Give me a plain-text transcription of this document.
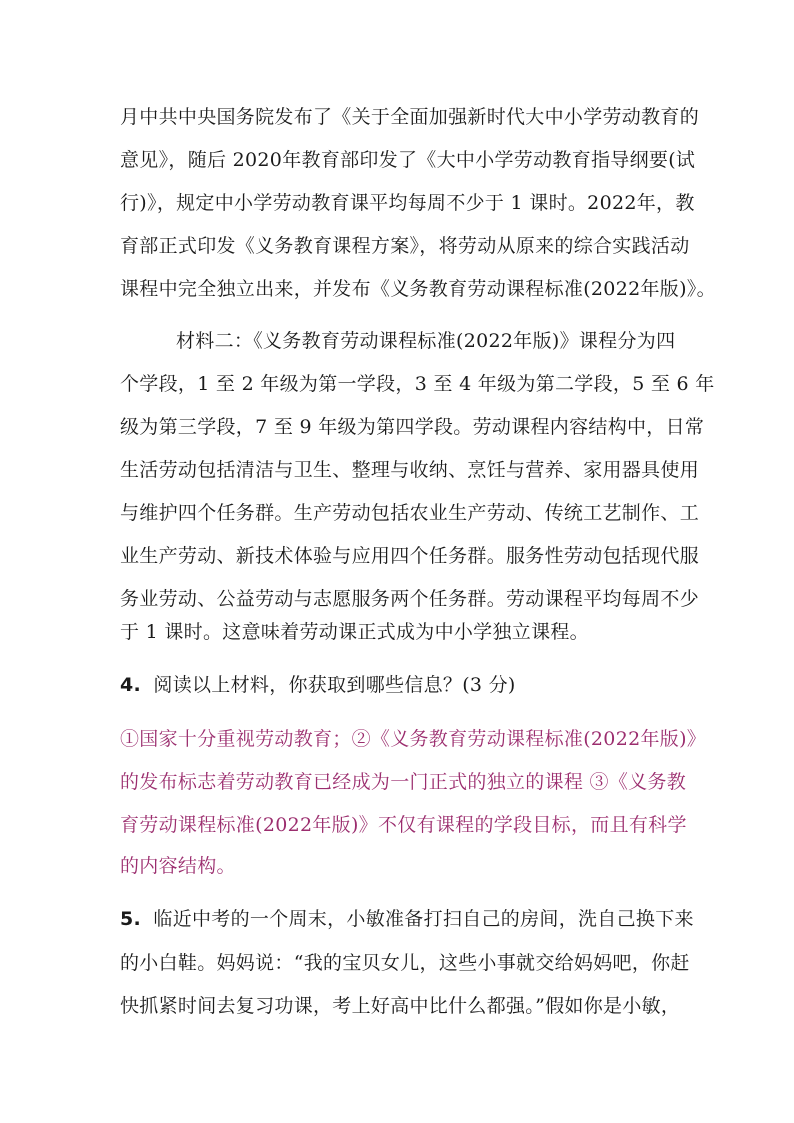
月中共中央国务院发布了《关于全面加强新时代大中小学劳动教育的
意见》，随后 2020年教育部印发了《大中小学劳动教育指导纲要(试
行)》，规定中小学劳动教育课平均每周不少于 1 课时。2022年，教
育部正式印发《义务教育课程方案》，将劳动从原来的综合实践活动
课程中完全独立出来，并发布《义务教育劳动课程标准(2022年版)》。
材料二：《义务教育劳动课程标准(2022年版)》课程分为四
个学段，1 至 2 年级为第一学段，3 至 4 年级为第二学段，5 至 6 年
级为第三学段，7 至 9 年级为第四学段。劳动课程内容结构中，日常
生活劳动包括清洁与卫生、整理与收纳、烹饪与营养、家用器具使用
与维护四个任务群。生产劳动包括农业生产劳动、传统工艺制作、工
业生产劳动、新技术体验与应用四个任务群。服务性劳动包括现代服
务业劳动、公益劳动与志愿服务两个任务群。劳动课程平均每周不少
于 1 课时。这意味着劳动课正式成为中小学独立课程。
4. 阅读以上材料，你获取到哪些信息？(3 分)
①国家十分重视劳动教育；②《义务教育劳动课程标准(2022年版)》
的发布标志着劳动教育已经成为一门正式的独立的课程 ③《义务教
育劳动课程标准(2022年版)》不仅有课程的学段目标，而且有科学
的内容结构。
5. 临近中考的一个周末，小敏准备打扫自己的房间，洗自己换下来
的小白鞋。妈妈说：“我的宝贝女儿，这些小事就交给妈妈吧，你赶
快抓紧时间去复习功课，考上好高中比什么都强。”假如你是小敏，
